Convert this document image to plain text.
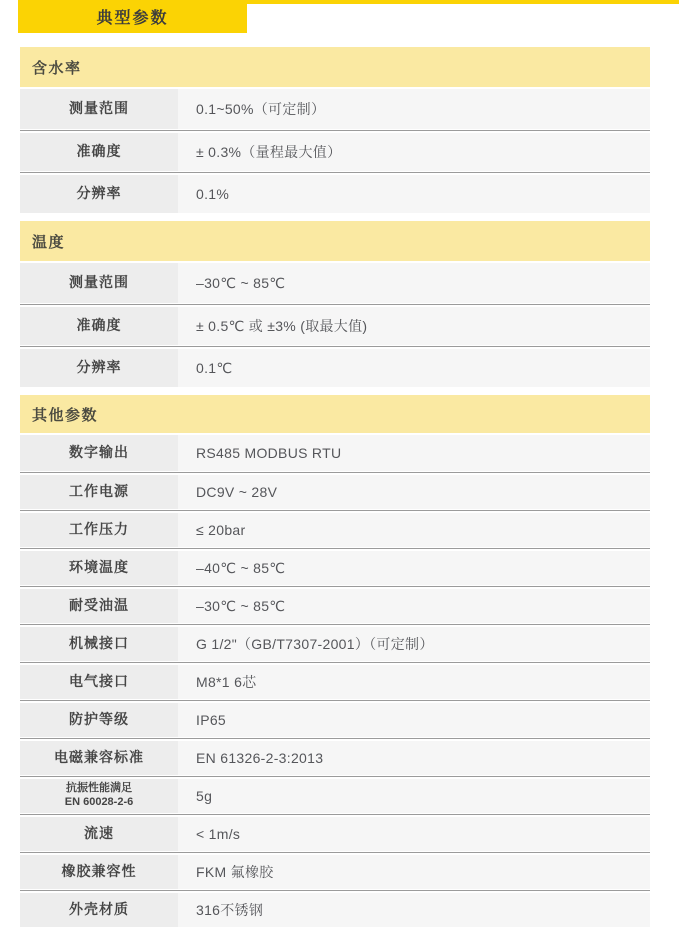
典型参数
含水率
测量范围	0.1~50%（可定制）
准确度	± 0.3%（量程最大值）
分辨率	0.1%
温度
测量范围	–30℃ ~ 85℃
准确度	± 0.5℃ 或 ±3% (取最大值)
分辨率	0.1℃
其他参数
数字输出	RS485 MODBUS RTU
工作电源	DC9V ~ 28V
工作压力	≤ 20bar
环境温度	–40℃ ~ 85℃
耐受油温	–30℃ ~ 85℃
机械接口	G 1/2"（GB/T7307-2001）（可定制）
电气接口	M8*1 6芯
防护等级	IP65
电磁兼容标准	EN 61326-2-3:2013
抗振性能满足
EN 60028-2-6	5g
流速	< 1m/s
橡胶兼容性	FKM 氟橡胶
外壳材质	316不锈钢
